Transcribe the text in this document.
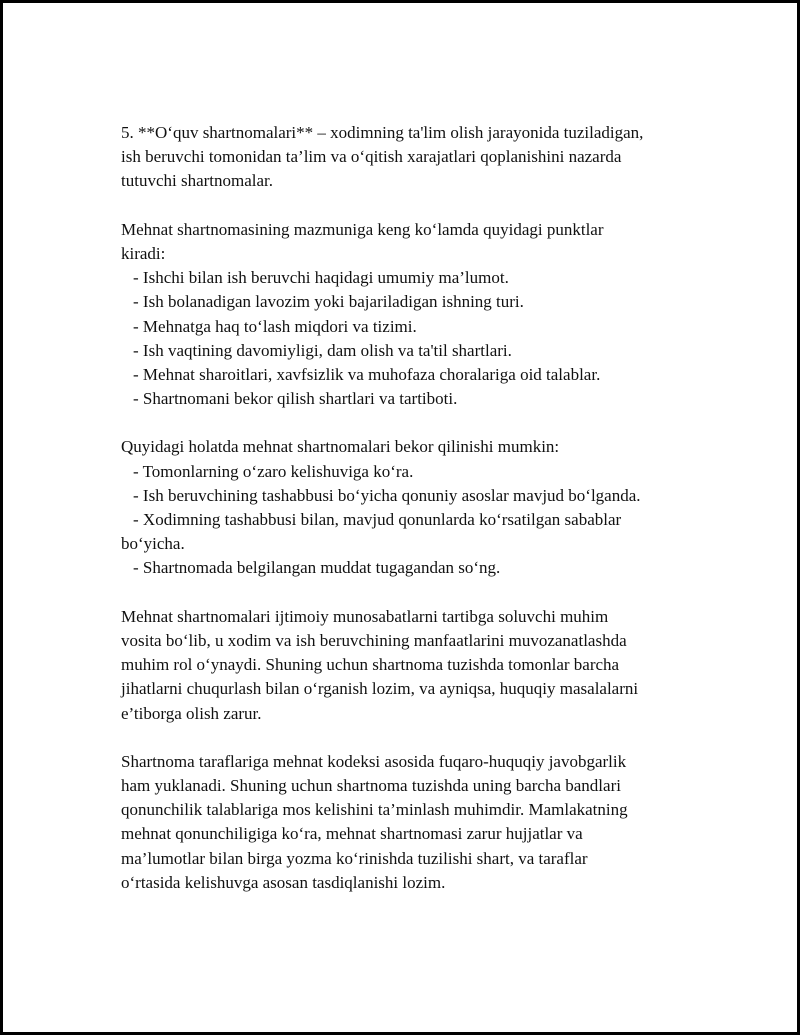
5. **O‘quv shartnomalari** – xodimning ta'lim olish jarayonida tuziladigan,
ish beruvchi tomonidan ta’lim va o‘qitish xarajatlari qoplanishini nazarda
tutuvchi shartnomalar.
Mehnat shartnomasining mazmuniga keng ko‘lamda quyidagi punktlar
kiradi:
- Ishchi bilan ish beruvchi haqidagi umumiy ma’lumot.
- Ish bolanadigan lavozim yoki bajariladigan ishning turi.
- Mehnatga haq to‘lash miqdori va tizimi.
- Ish vaqtining davomiyligi, dam olish va ta'til shartlari.
- Mehnat sharoitlari, xavfsizlik va muhofaza choralariga oid talablar.
- Shartnomani bekor qilish shartlari va tartiboti.
Quyidagi holatda mehnat shartnomalari bekor qilinishi mumkin:
- Tomonlarning o‘zaro kelishuviga ko‘ra.
- Ish beruvchining tashabbusi bo‘yicha qonuniy asoslar mavjud bo‘lganda.
- Xodimning tashabbusi bilan, mavjud qonunlarda ko‘rsatilgan sabablar
bo‘yicha.
- Shartnomada belgilangan muddat tugagandan so‘ng.
Mehnat shartnomalari ijtimoiy munosabatlarni tartibga soluvchi muhim
vosita bo‘lib, u xodim va ish beruvchining manfaatlarini muvozanatlashda
muhim rol o‘ynaydi. Shuning uchun shartnoma tuzishda tomonlar barcha
jihatlarni chuqurlash bilan o‘rganish lozim, va ayniqsa, huquqiy masalalarni
e’tiborga olish zarur.
Shartnoma taraflariga mehnat kodeksi asosida fuqaro-huquqiy javobgarlik
ham yuklanadi. Shuning uchun shartnoma tuzishda uning barcha bandlari
qonunchilik talablariga mos kelishini ta’minlash muhimdir. Mamlakatning
mehnat qonunchiligiga ko‘ra, mehnat shartnomasi zarur hujjatlar va
ma’lumotlar bilan birga yozma ko‘rinishda tuzilishi shart, va taraflar
o‘rtasida kelishuvga asosan tasdiqlanishi lozim.
